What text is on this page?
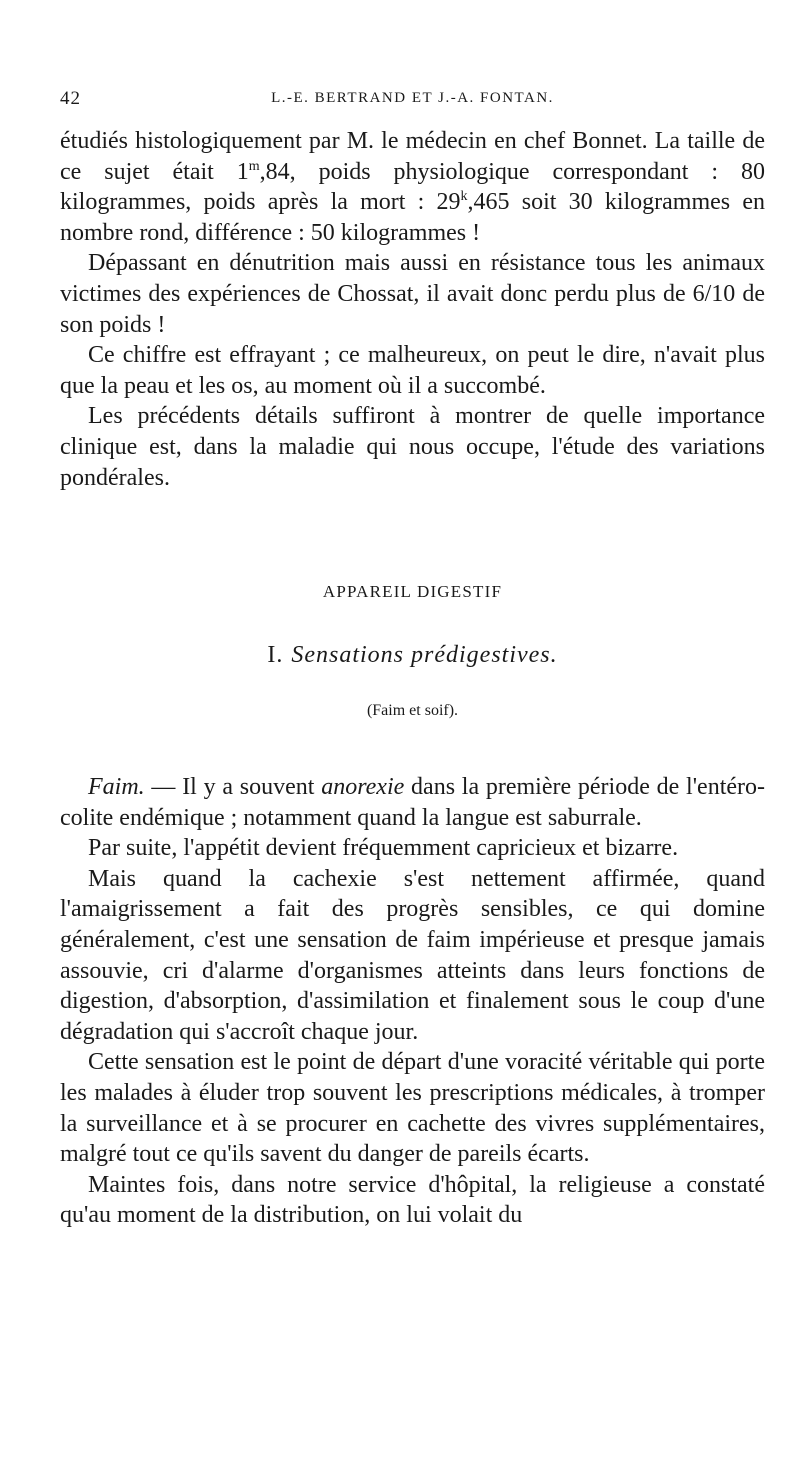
42	L.-E. BERTRAND ET J.-A. FONTAN.

étudiés histologiquement par M. le médecin en chef Bonnet. La taille de ce sujet était 1$^m$,84, poids physiologique correspondant : 80 kilogrammes, poids après la mort : 29$^k$,465 soit 30 kilogrammes en nombre rond, différence : 50 kilogrammes !

Dépassant en dénutrition mais aussi en résistance tous les animaux victimes des expériences de Chossat, il avait donc perdu plus de 6/10 de son poids !

Ce chiffre est effrayant ; ce malheureux, on peut le dire, n'avait plus que la peau et les os, au moment où il a succombé.

Les précédents détails suffiront à montrer de quelle importance clinique est, dans la maladie qui nous occupe, l'étude des variations pondérales.

APPAREIL DIGESTIF
I. Sensations prédigestives.
(Faim et soif).

Faim. — Il y a souvent anorexie dans la première période de l'entéro-colite endémique ; notamment quand la langue est saburrale.

Par suite, l'appétit devient fréquemment capricieux et bizarre.

Mais quand la cachexie s'est nettement affirmée, quand l'amaigrissement a fait des progrès sensibles, ce qui domine généralement, c'est une sensation de faim impérieuse et presque jamais assouvie, cri d'alarme d'organismes atteints dans leurs fonctions de digestion, d'absorption, d'assimilation et finalement sous le coup d'une dégradation qui s'accroît chaque jour.

Cette sensation est le point de départ d'une voracité véritable qui porte les malades à éluder trop souvent les prescriptions médicales, à tromper la surveillance et à se procurer en cachette des vivres supplémentaires, malgré tout ce qu'ils savent du danger de pareils écarts.

Maintes fois, dans notre service d'hôpital, la religieuse a constaté qu'au moment de la distribution, on lui volait du
